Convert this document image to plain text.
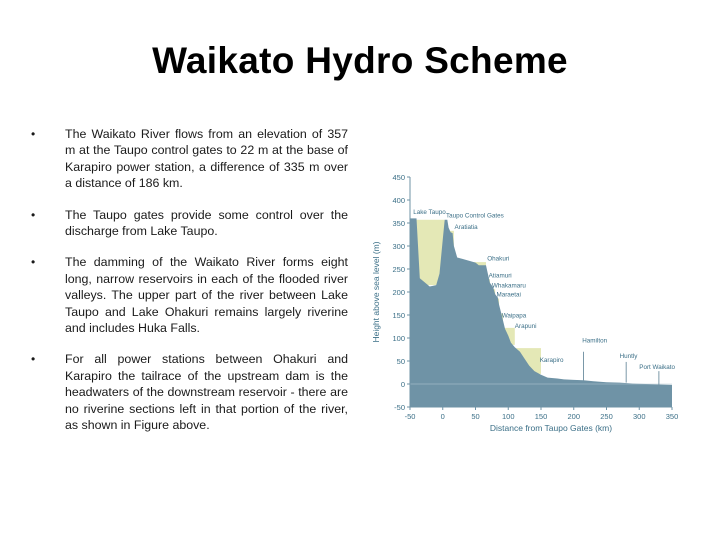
Waikato Hydro Scheme
• The Waikato River flows from an elevation of 357 m at the Taupo control gates to 22 m at the base of Karapiro power station, a difference of 335 m over a distance of 186 km.
• The Taupo gates provide some control over the discharge from Lake Taupo.
• The damming of the Waikato River forms eight long, narrow reservoirs in each of the flooded river valleys. The upper part of the river between Lake Taupo and Lake Ohakuri remains largely riverine and includes Huka Falls.
• For all power stations between Ohakuri and Karapiro the tailrace of the upstream dam is the headwaters of the downstream reservoir - there are no riverine sections left in that portion of the river, as shown in Figure above.
-50
0
50
100
150
200
250
300
350
400
450
-50	0	50	100	150	200	250	300	350
Distance from Taupo Gates (km)
Height above sea level (m)
Lake Taupo
Taupo Control Gates
Aratiatia
Ohakuri
Atiamuri
Whakamaru
Maraetai
Waipapa
Arapuni
Karapiro
Hamilton
Huntly
Port Waikato
